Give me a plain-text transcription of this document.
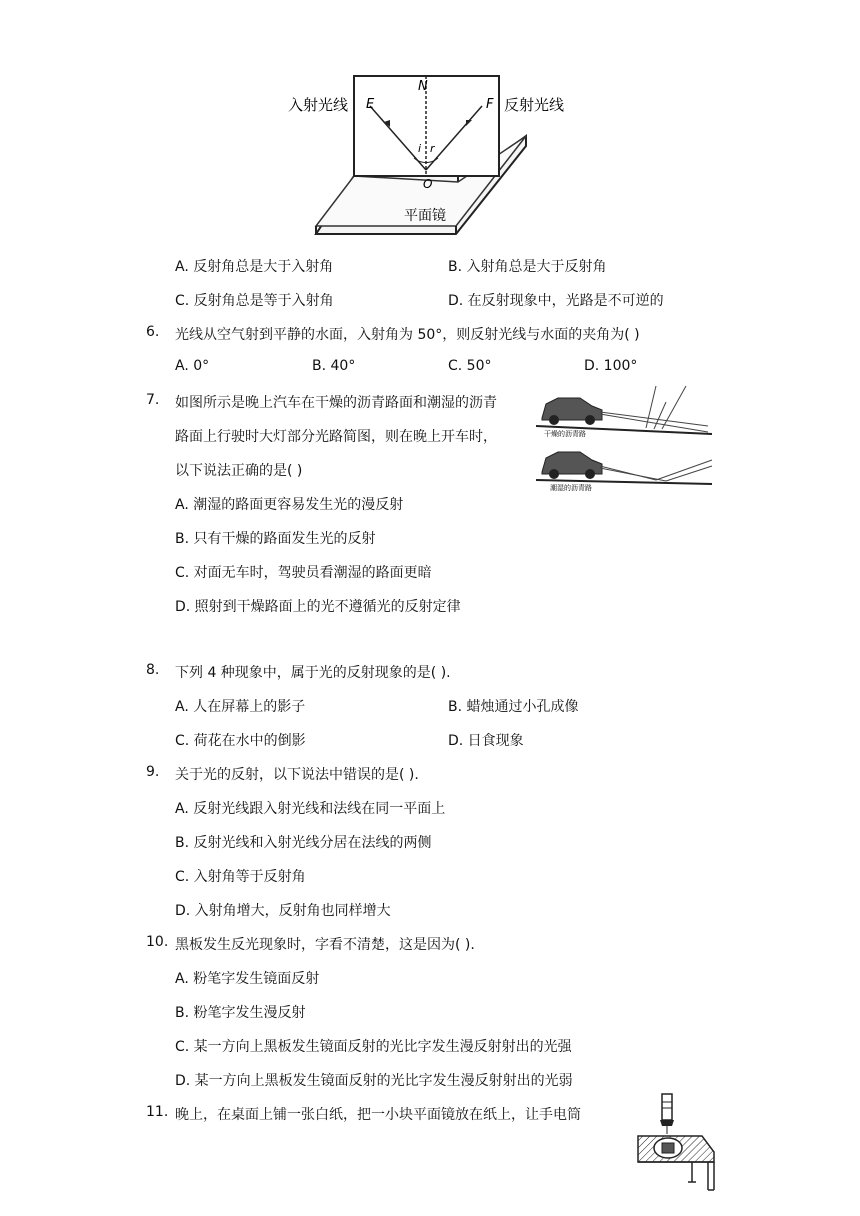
N
E	F
i r
O
入射光线	反射光线
平面镜
A. 反射角总是大于入射角	B. 入射角总是大于反射角
C. 反射角总是等于入射角	D. 在反射现象中，光路是不可逆的
6. 光线从空气射到平静的水面，入射角为 50°，则反射光线与水面的夹角为( )
A. 0°	B. 40°	C. 50°	D. 100°
7. 如图所示是晚上汽车在干燥的沥青路面和潮湿的沥青
路面上行驶时大灯部分光路简图，则在晚上开车时，
以下说法正确的是( )
干燥的沥青路
潮湿的沥青路
A. 潮湿的路面更容易发生光的漫反射
B. 只有干燥的路面发生光的反射
C. 对面无车时，驾驶员看潮湿的路面更暗
D. 照射到干燥路面上的光不遵循光的反射定律
8. 下列 4 种现象中，属于光的反射现象的是( ).
A. 人在屏幕上的影子	B. 蜡烛通过小孔成像
C. 荷花在水中的倒影	D. 日食现象
9. 关于光的反射，以下说法中错误的是( ).
A. 反射光线跟入射光线和法线在同一平面上
B. 反射光线和入射光线分居在法线的两侧
C. 入射角等于反射角
D. 入射角增大，反射角也同样增大
10. 黑板发生反光现象时，字看不清楚，这是因为( ).
A. 粉笔字发生镜面反射
B. 粉笔字发生漫反射
C. 某一方向上黑板发生镜面反射的光比字发生漫反射射出的光强
D. 某一方向上黑板发生镜面反射的光比字发生漫反射射出的光弱
11. 晚上，在桌面上铺一张白纸，把一小块平面镜放在纸上，让手电筒
